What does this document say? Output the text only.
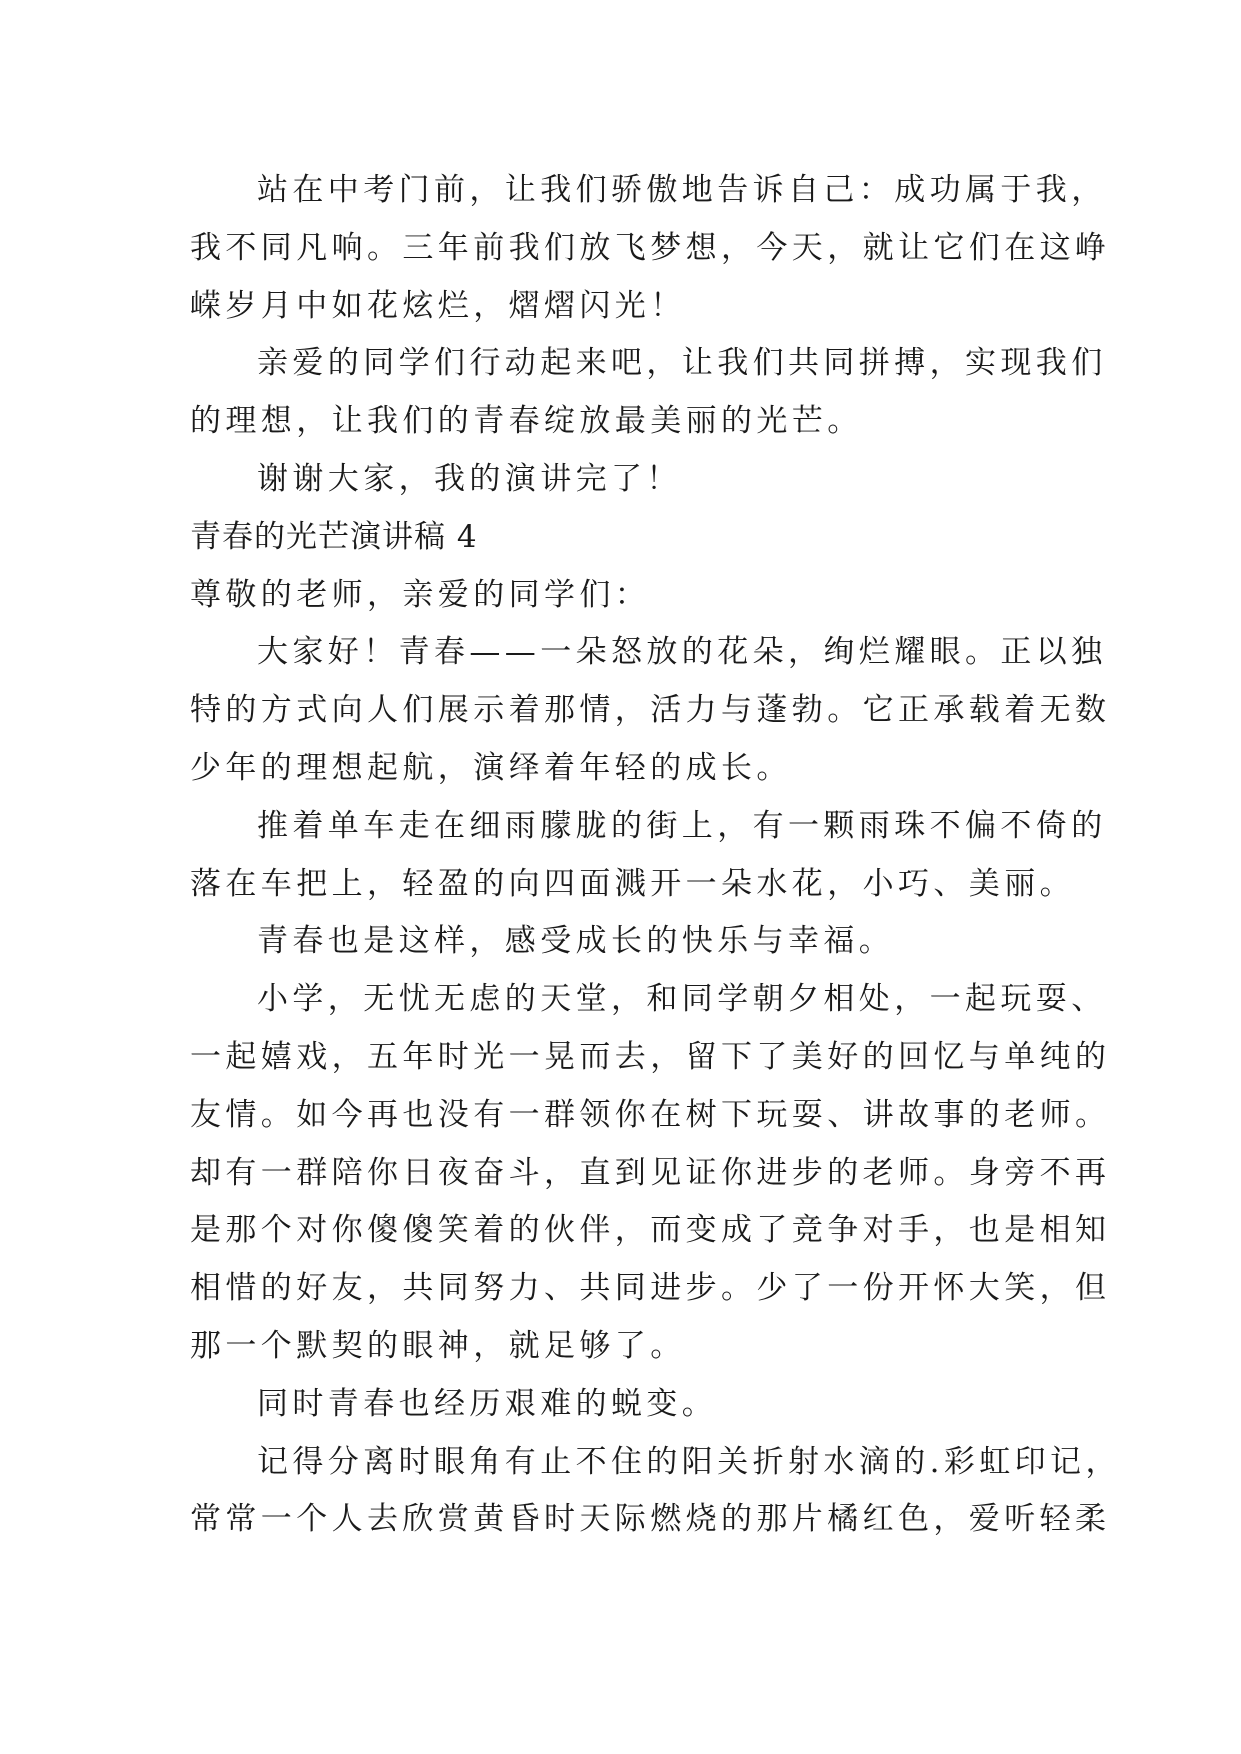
站在中考门前，让我们骄傲地告诉自己：成功属于我，

我不同凡响。三年前我们放飞梦想，今天，就让它们在这峥

嵘岁月中如花炫烂，熠熠闪光！

亲爱的同学们行动起来吧，让我们共同拼搏，实现我们

的理想，让我们的青春绽放最美丽的光芒。

谢谢大家，我的演讲完了！

青春的光芒演讲稿 4

尊敬的老师，亲爱的同学们：

大家好！青春——一朵怒放的花朵，绚烂耀眼。正以独

特的方式向人们展示着那情，活力与蓬勃。它正承载着无数

少年的理想起航，演绎着年轻的成长。

推着单车走在细雨朦胧的街上，有一颗雨珠不偏不倚的

落在车把上，轻盈的向四面溅开一朵水花，小巧、美丽。

青春也是这样，感受成长的快乐与幸福。

小学，无忧无虑的天堂，和同学朝夕相处，一起玩耍、

一起嬉戏，五年时光一晃而去，留下了美好的回忆与单纯的

友情。如今再也没有一群领你在树下玩耍、讲故事的老师。

却有一群陪你日夜奋斗，直到见证你进步的老师。身旁不再

是那个对你傻傻笑着的伙伴，而变成了竞争对手，也是相知

相惜的好友，共同努力、共同进步。少了一份开怀大笑，但

那一个默契的眼神，就足够了。

同时青春也经历艰难的蜕变。

记得分离时眼角有止不住的阳关折射水滴的.彩虹印记，

常常一个人去欣赏黄昏时天际燃烧的那片橘红色，爱听轻柔
